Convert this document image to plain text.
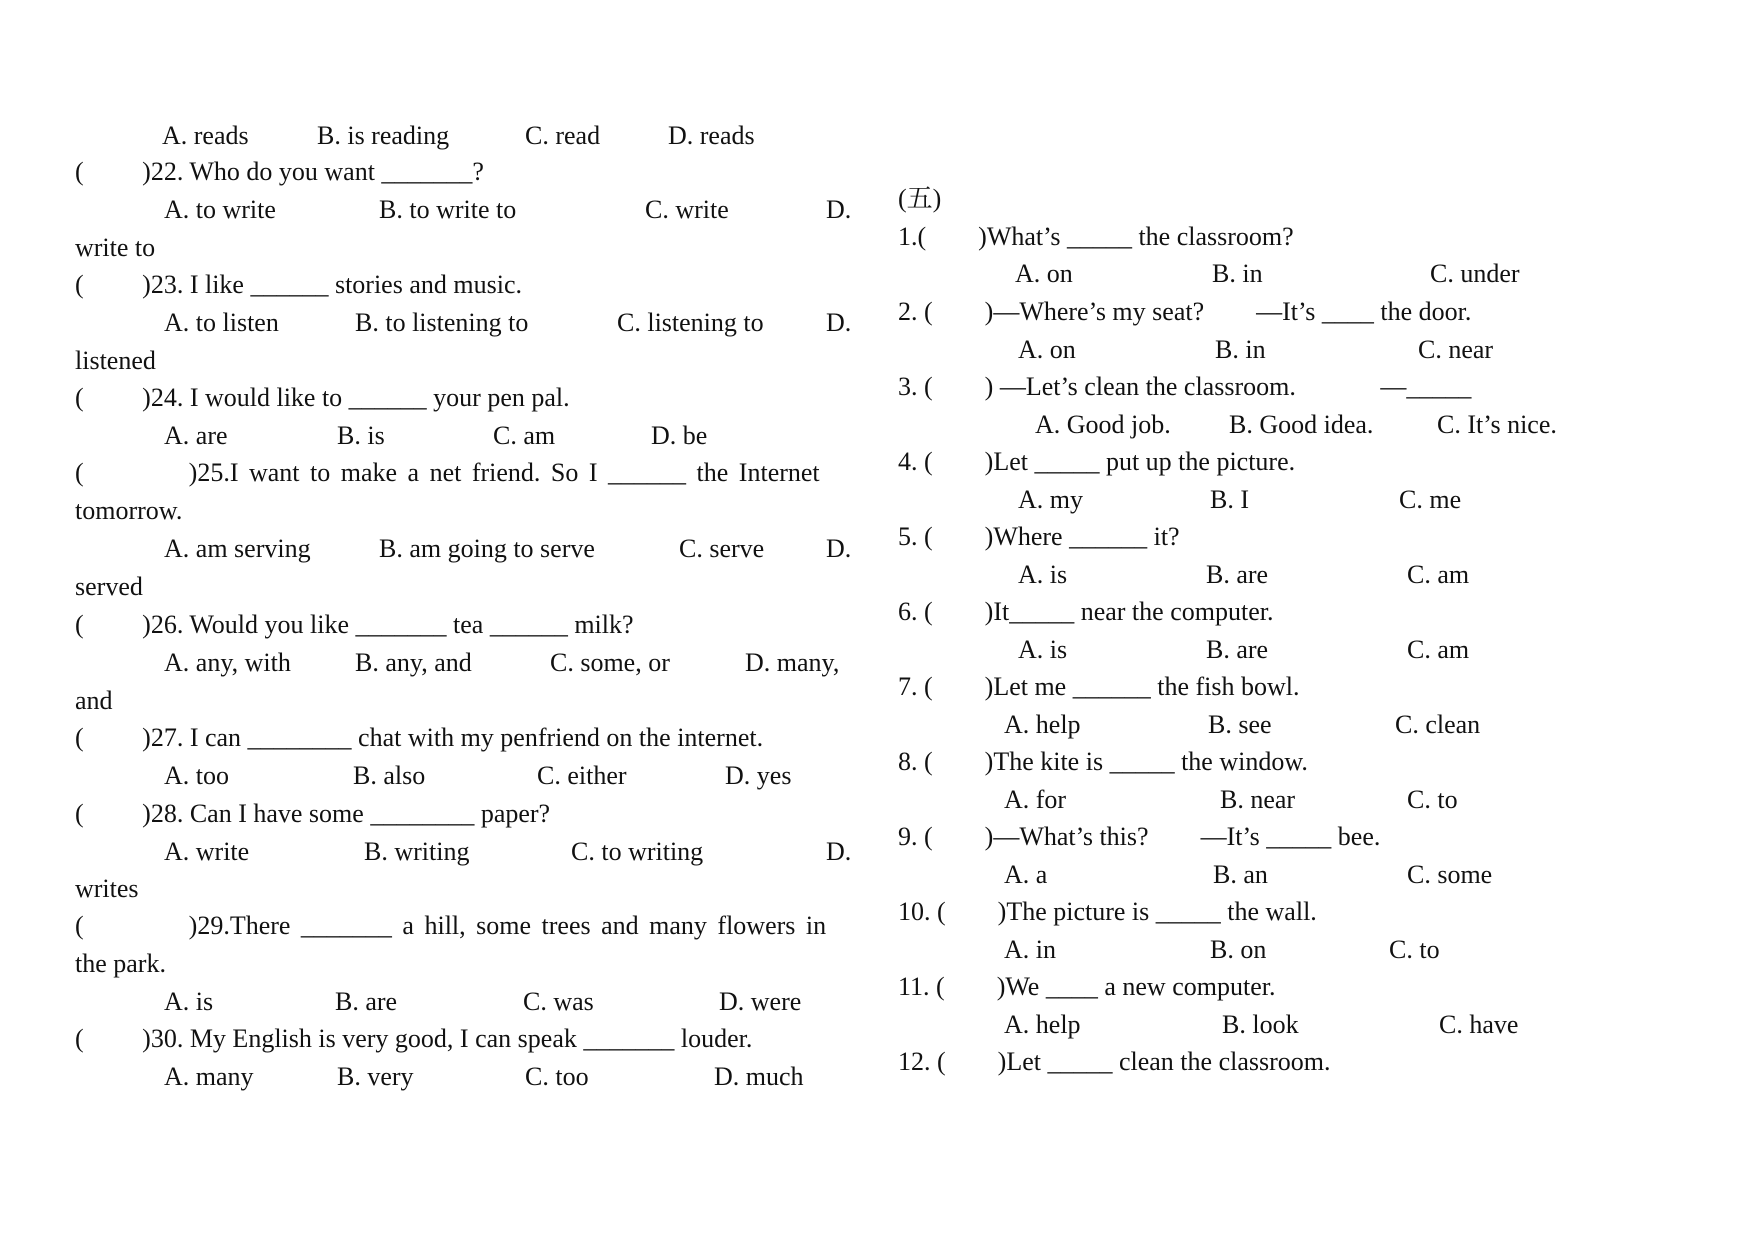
A. reads	B. is reading	C. read	D. reads
(         )22. Who do you want _______?
A. to write	B. to write to	C. write	D.
write to
(         )23. I like ______ stories and music.
A. to listen	B. to listening to	C. listening to D.
listened
(         )24. I would like to ______ your pen pal.
A. are	B. is	C. am	D. be
(          )25.I want to make a net friend. So I ______ the Internet
tomorrow.
A. am serving	B. am going to serve	C. serve D.
served
(         )26. Would you like _______ tea ______ milk?
A. any, with B. any, and	C. some, or	D. many,
and
(         )27. I can ________ chat with my penfriend on the internet.
A. too	B. also	C. either	D. yes
(         )28. Can I have some ________ paper?
A. write	B. writing	C. to writing	D.
writes
(          )29.There _______ a hill, some trees and many flowers in
the park.
A. is	B. are	C. was	D. were
(         )30. My English is very good, I can speak _______ louder.
A. many	B. very	C. too	D. much
(五)
1.(        )What’s _____ the classroom?
A. on	B. in	C. under
2. (        )—Where’s my seat?        —It’s ____ the door.
A. on	B. in	C. near
3. (        ) —Let’s clean the classroom.             —_____
A. Good job. B. Good idea. C. It’s nice.
4. (        )Let _____ put up the picture.
A. my	B. I	C. me
5. (        )Where ______ it?
A. is	B. are	C. am
6. (        )It_____ near the computer.
A. is	B. are	C. am
7. (        )Let me ______ the fish bowl.
A. help	B. see	C. clean
8. (        )The kite is _____ the window.
A. for	B. near	C. to
9. (        )—What’s this?        —It’s _____ bee.
A. a	B. an	C. some
10. (        )The picture is _____ the wall.
A. in	B. on	C. to
11. (        )We ____ a new computer.
A. help	B. look	C. have
12. (        )Let _____ clean the classroom.
